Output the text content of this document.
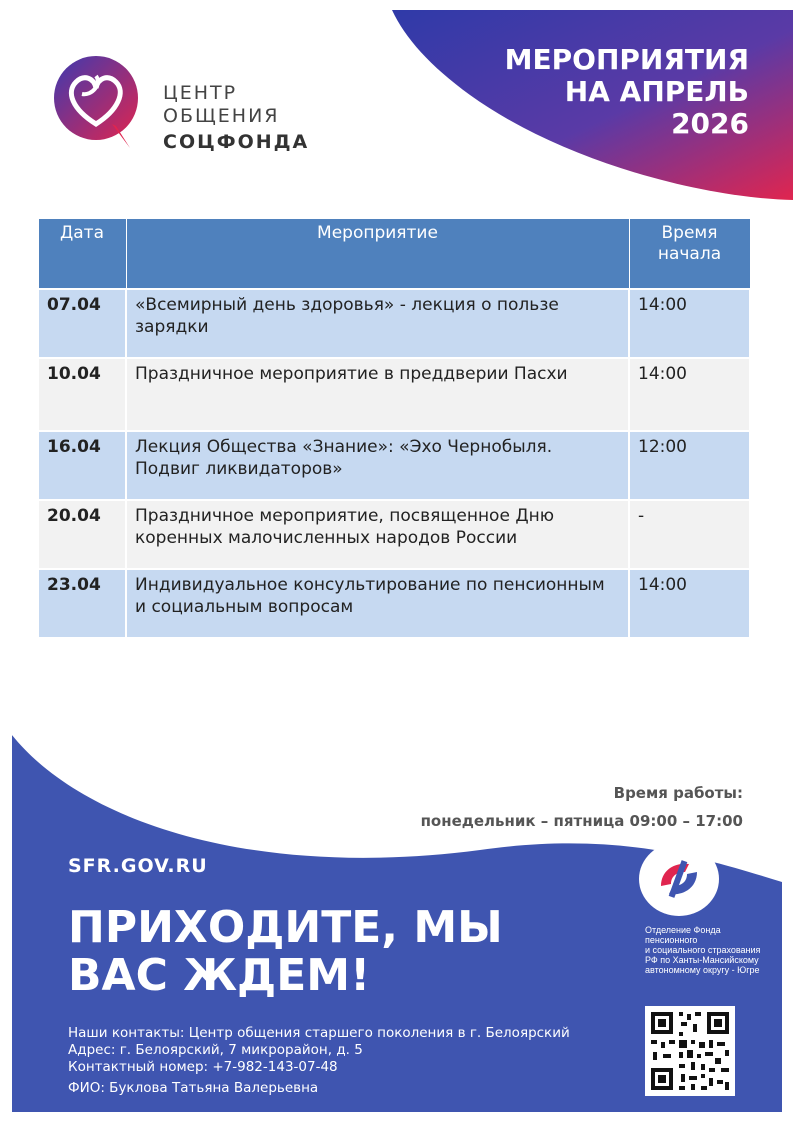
ЦЕНТР
ОБЩЕНИЯ
СОЦФОНДА
МЕРОПРИЯТИЯ
НА АПРЕЛЬ
2026
Дата	Мероприятие	Время начала
07.04	«Всемирный день здоровья» - лекция о пользе зарядки	14:00
10.04	Праздничное мероприятие в преддверии Пасхи	14:00
16.04	Лекция Общества «Знание»: «Эхо Чернобыля. Подвиг ликвидаторов»	12:00
20.04	Праздничное мероприятие, посвященное Дню коренных малочисленных народов России	-
23.04	Индивидуальное консультирование по пенсионным и социальным вопросам	14:00
Время работы:
понедельник – пятница 09:00 – 17:00
SFR.GOV.RU
ПРИХОДИТЕ, МЫ
ВАС ЖДЕМ!
Отделение Фонда
пенсионного
и социального страхования
РФ по Ханты-Мансийскому
автономному округу - Югре
Наши контакты: Центр общения старшего поколения в г. Белоярский
Адрес: г. Белоярский, 7 микрорайон, д. 5
Контактный номер: +7-982-143-07-48
ФИО: Буклова Татьяна Валерьевна
